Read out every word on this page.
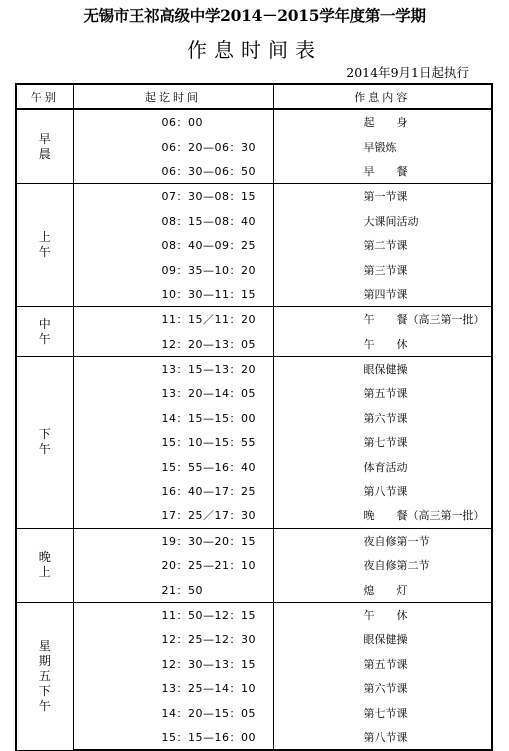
无锡市王祁高级中学2014－2015学年度第一学期
作息时间表
2014年9月1日起执行
午别	起讫时间	作息内容
早晨	06：00	起　　身
	06：20—06：30	早锻炼
	06：30—06：50	早　　餐
上午	07：30—08：15	第一节课
	08：15—08：40	大课间活动
	08：40—09：25	第二节课
	09：35—10：20	第三节课
	10：30—11：15	第四节课
中午	11：15／11：20	午　　餐（高三第一批）
	12：20—13：05	午　　休
下午	13：15—13：20	眼保健操
	13：20—14：05	第五节课
	14：15—15：00	第六节课
	15：10—15：55	第七节课
	15：55—16：40	体育活动
	16：40—17：25	第八节课
	17：25／17：30	晚　　餐（高三第一批）
晚上	19：30—20：15	夜自修第一节
	20：25—21：10	夜自修第二节
	21：50	熄　　灯
星期五下午	11：50—12：15	午　　休
	12：25—12：30	眼保健操
	12：30—13：15	第五节课
	13：25—14：10	第六节课
	14：20—15：05	第七节课
	15：15—16：00	第八节课
